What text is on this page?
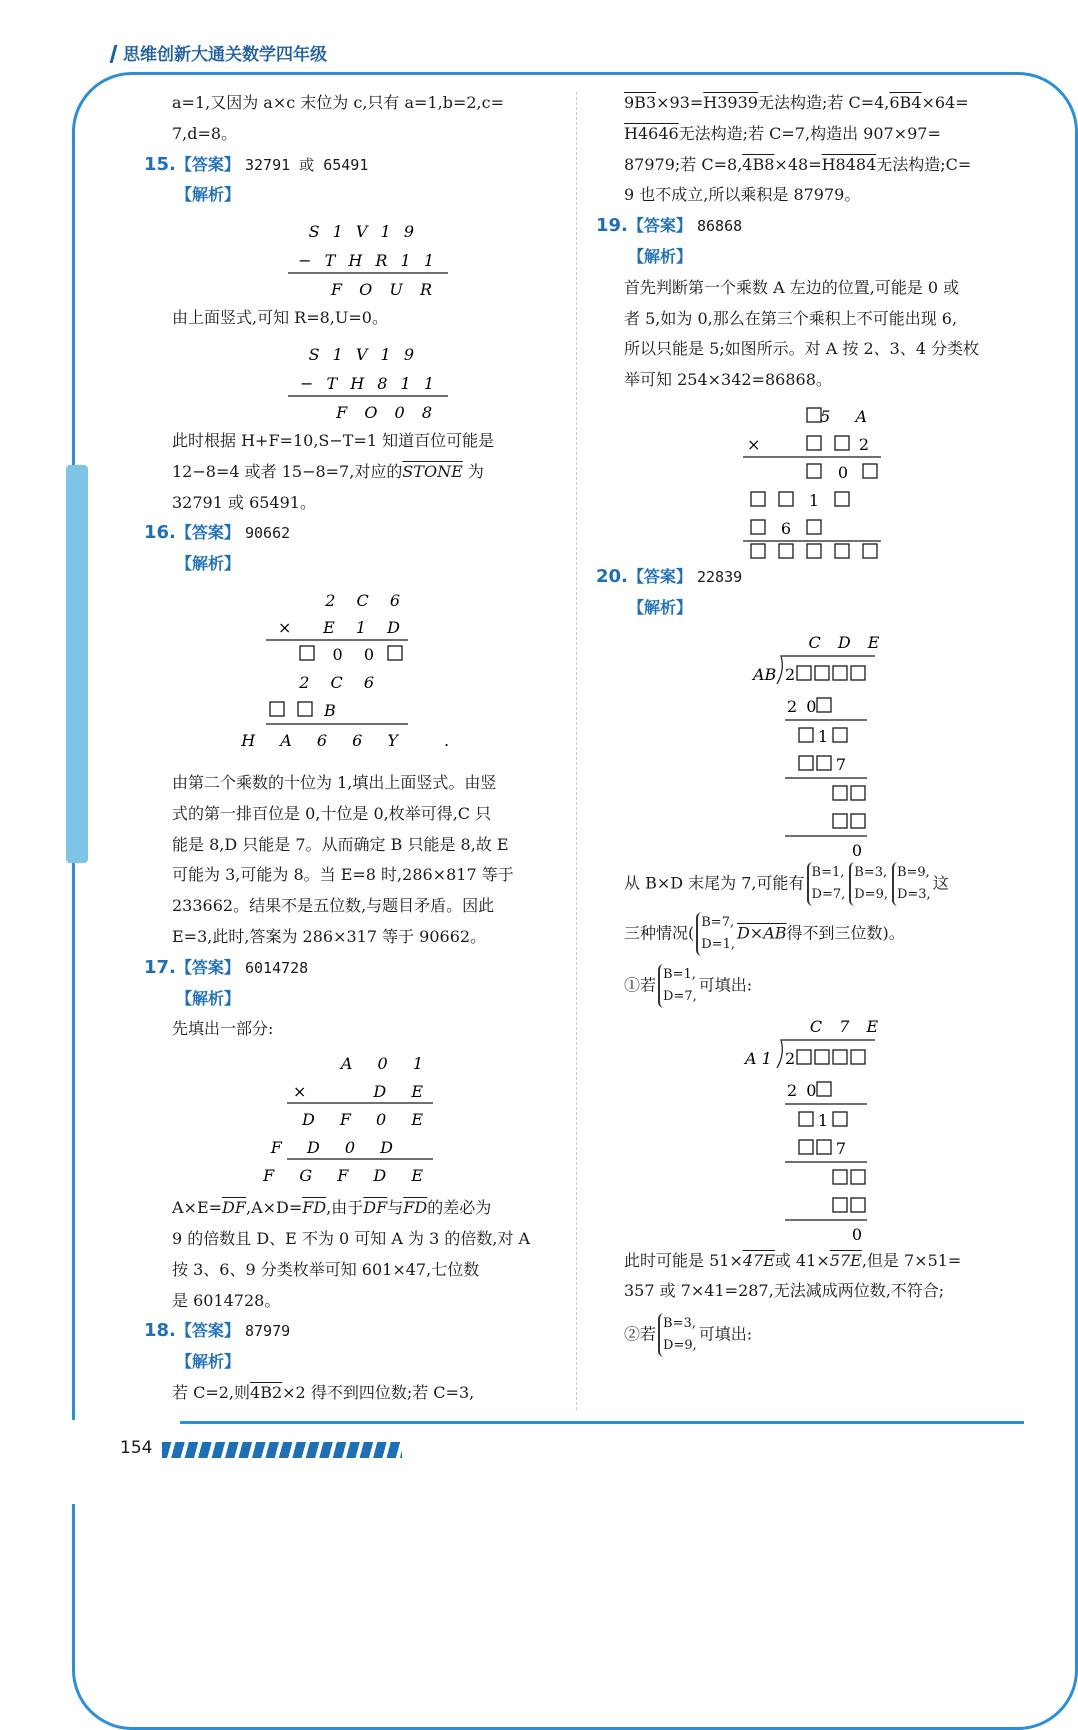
思维创新大通关数学四年级
a=1,又因为 a×c 末位为 c,只有 a=1,b=2,c=
7,d=8。
15.【答案】 32791 或 65491
【解析】
S 1 V 1 9
− T H R 1 1
F O U R
由上面竖式,可知 R=8,U=0。
S 1 V 1 9
− T H 8 1 1
F O 0 8
此时根据 H+F=10,S−T=1 知道百位可能是
12−8=4 或者 15−8=7,对应的STONE 为
32791 或 65491。
16.【答案】 90662
【解析】
2 C 6
× E 1 D
0 0
2 C 6
B
H A 6 6 Y .
由第二个乘数的十位为 1,填出上面竖式。由竖
式的第一排百位是 0,十位是 0,枚举可得,C 只
能是 8,D 只能是 7。从而确定 B 只能是 8,故 E
可能为 3,可能为 8。当 E=8 时,286×817 等于
233662。结果不是五位数,与题目矛盾。因此
E=3,此时,答案为 286×317 等于 90662。
17.【答案】 6014728
【解析】
先填出一部分:
A 0 1
×	D E
D F 0 E
F D 0 D
F G F D E
$A\times E=\overline{DF},A\times D=\overline{FD}$,由于$\overline{DF}$与$\overline{FD}$的差必为
9 的倍数且 D、E 不为 0 可知 A 为 3 的倍数,对 A
按 3、6、9 分类枚举可知 601×47,七位数
是 6014728。
18.【答案】 87979
【解析】
若 C=2,则4B2×2 得不到四位数;若 C=3,
9B3×93=H3939无法构造;若 C=4,6B4×64=
H4646无法构造;若 C=7,构造出 907×97=
87979;若 C=8,4B8×48=H8484无法构造;C=
9 也不成立,所以乘积是 87979。
19.【答案】 86868
【解析】
首先判断第一个乘数 A 左边的位置,可能是 0 或
者 5,如为 0,那么在第三个乘积上不可能出现 6,
所以只能是 5;如图所示。对 A 按 2、3、4 分类枚
举可知 254×342=86868。
5 A
×	2
0
1
6
20.【答案】 22839
【解析】
C D E
AB 2
2 0
1
7
0
从 B×D 末尾为 7,可能有B=1,
D=7,B=3,
D=9,B=9,
D=3,这
三种情况(B=7,
D=1,D×AB得不到三位数)。
①若B=1,
D=7,可填出:
C 7 E
A 1 2
2 0
1
7
0
此时可能是 51×47E或 41×57E,但是 7×51=
357 或 7×41=287,无法减成两位数,不符合;
②若B=3,
D=9,可填出:
154
